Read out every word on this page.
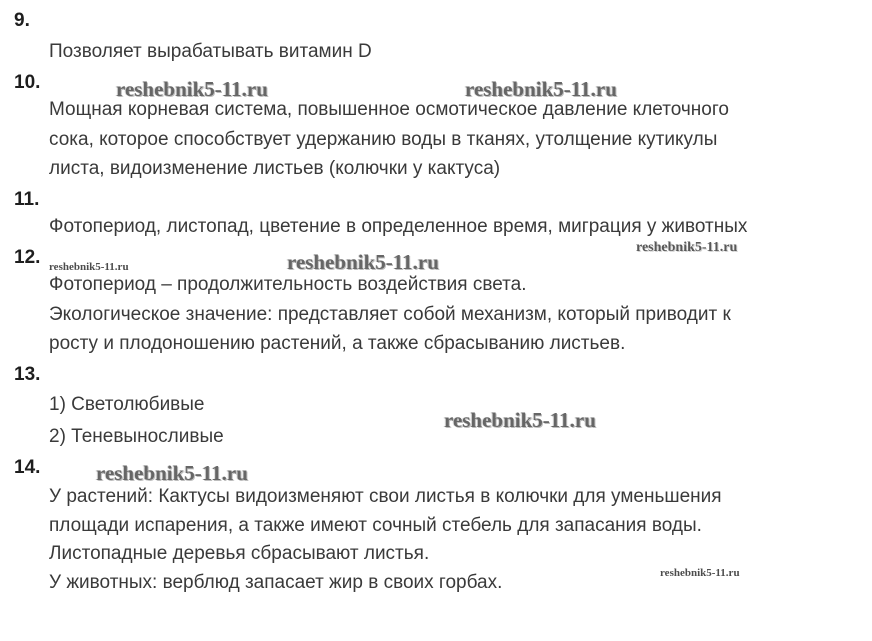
9.
Позволяет вырабатывать витамин D
10.
Мощная корневая система, повышенное осмотическое давление клеточного
сока, которое способствует удержанию воды в тканях, утолщение кутикулы
листа, видоизменение листьев (колючки у кактуса)
11.
Фотопериод, листопад, цветение в определенное время, миграция у животных
12.
Фотопериод – продолжительность воздействия света.
Экологическое значение: представляет собой механизм, который приводит к
росту и плодоношению растений, а также сбрасыванию листьев.
13.
1) Светолюбивые
2) Теневыносливые
14.
У растений: Кактусы видоизменяют свои листья в колючки для уменьшения
площади испарения, а также имеют сочный стебель для запасания воды.
Листопадные деревья сбрасывают листья.
У животных: верблюд запасает жир в своих горбах.
reshebnik5-11.ru	reshebnik5-11.ru
reshebnik5-11.ru	reshebnik5-11.ru
reshebnik5-11.ru
reshebnik5-11.ru
reshebnik5-11.ru
reshebnik5-11.ru
